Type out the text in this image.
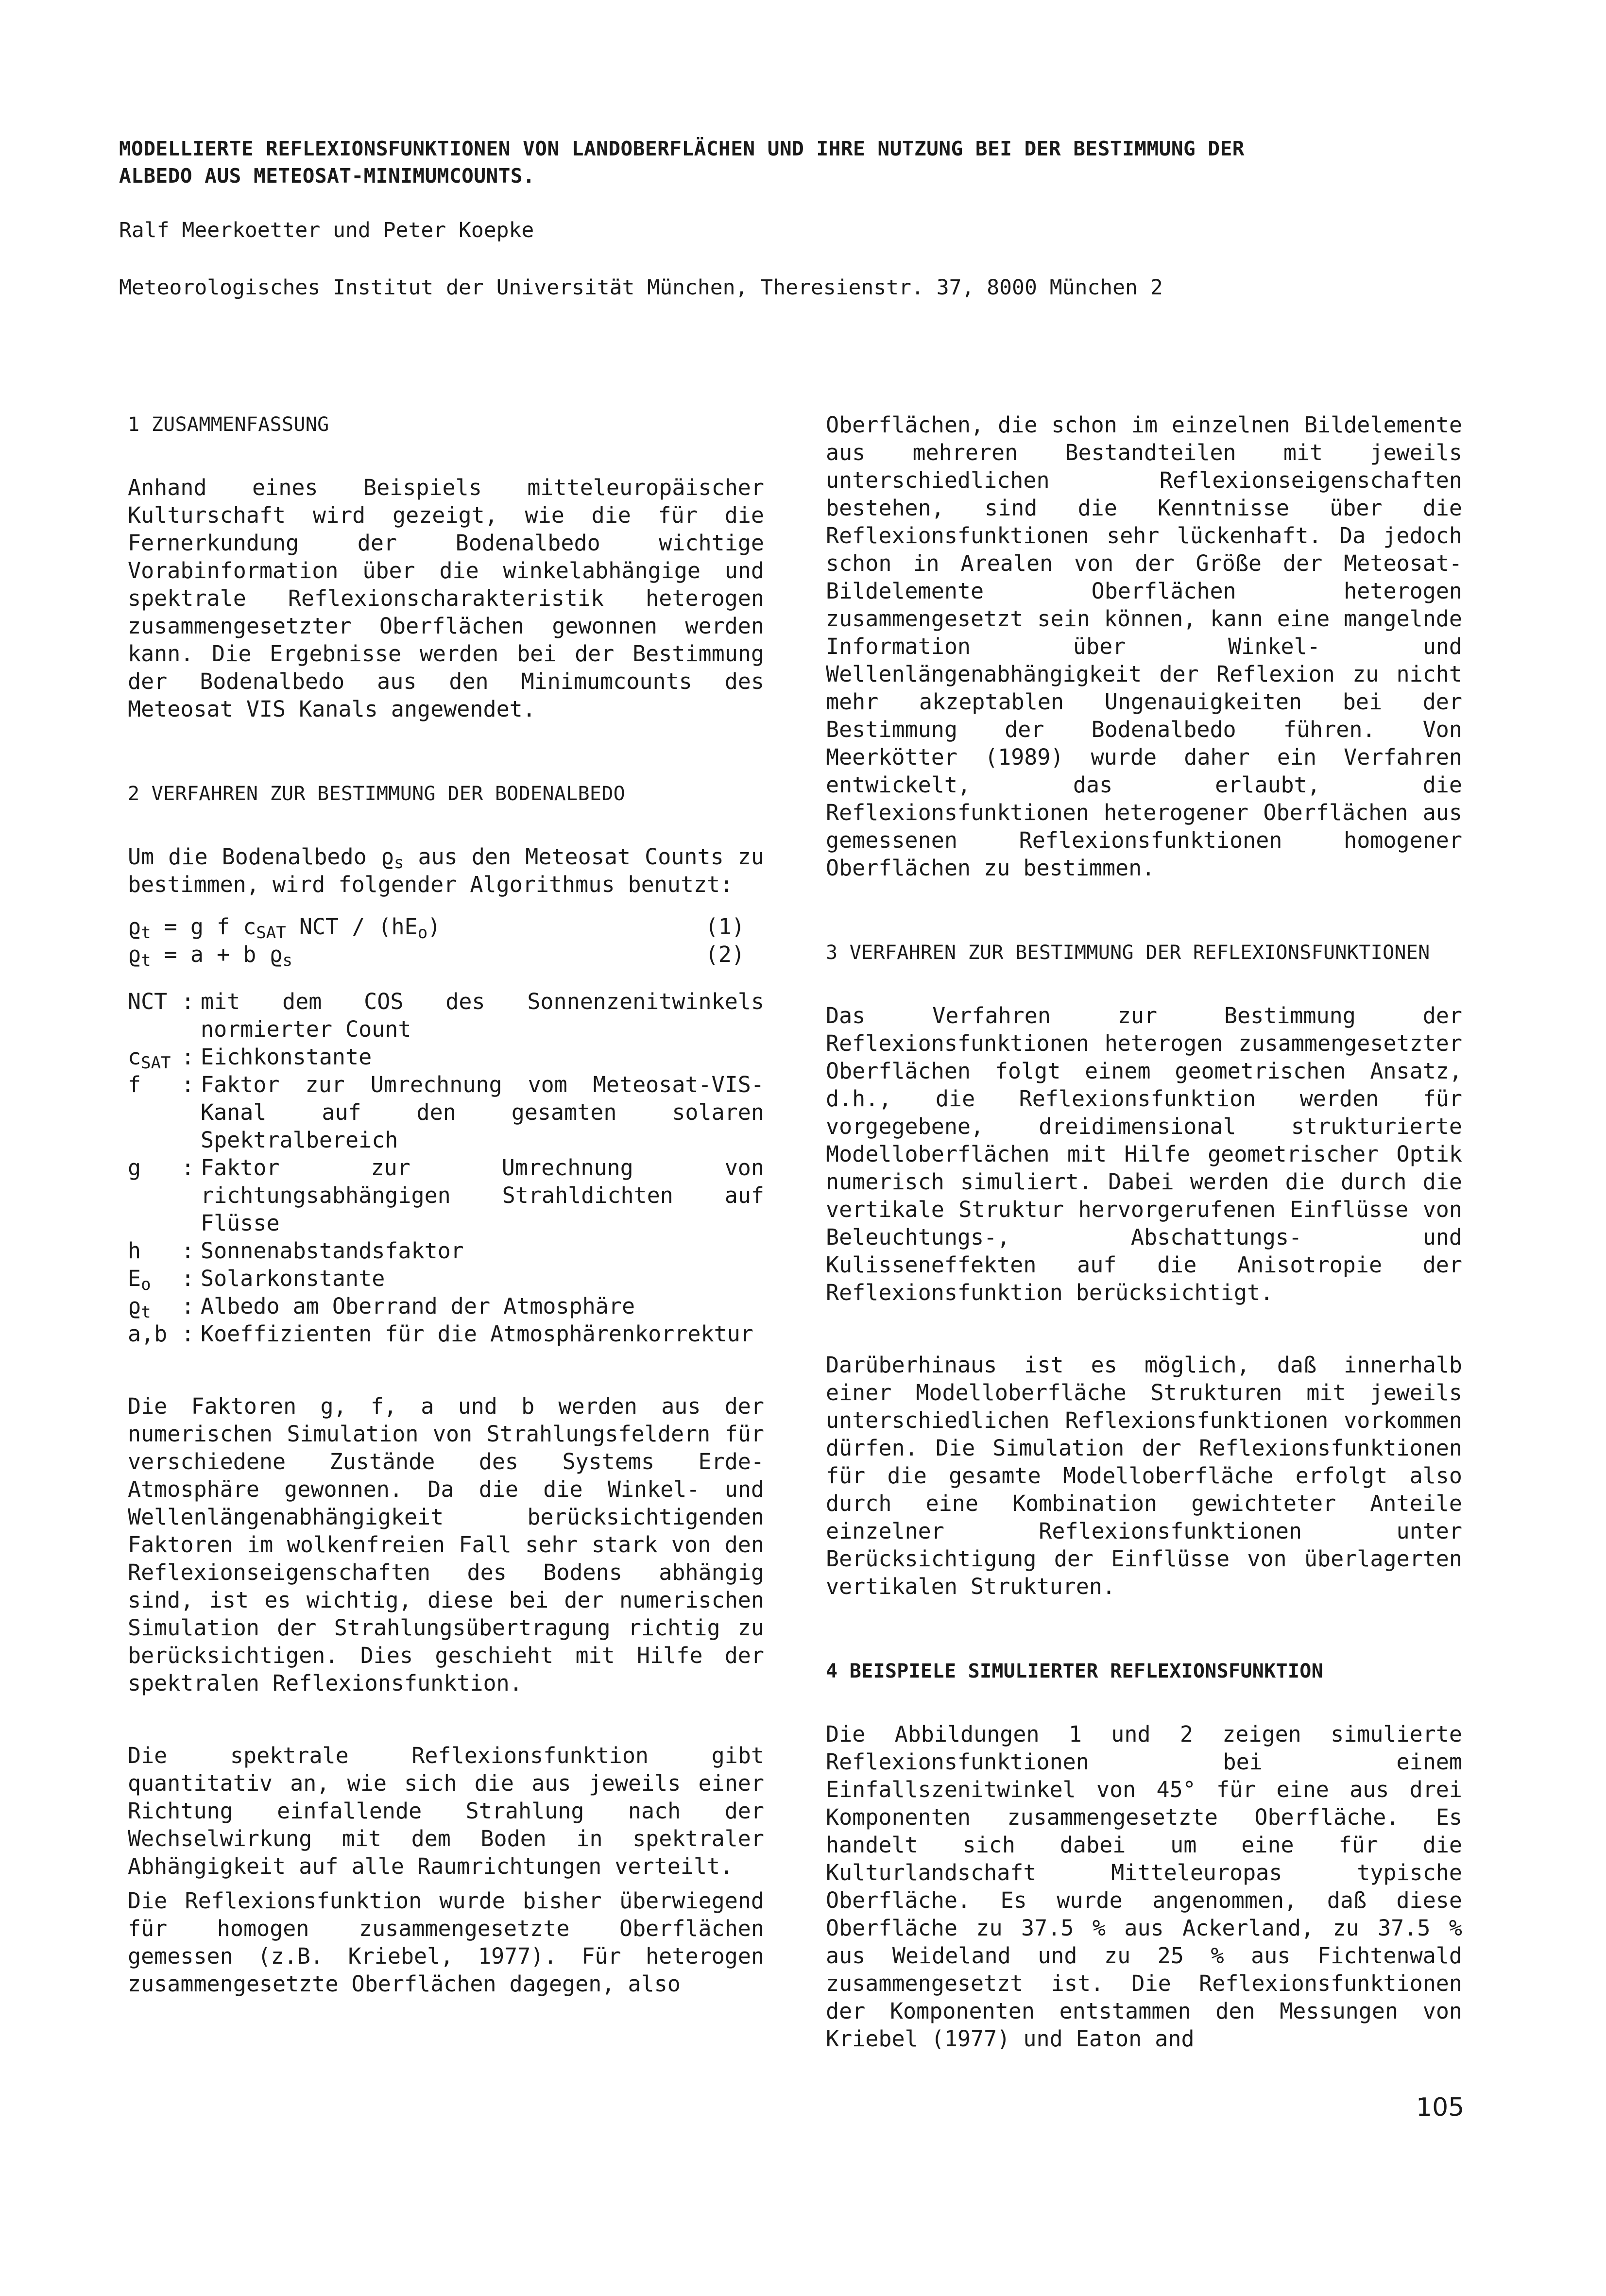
MODELLIERTE REFLEXIONSFUNKTIONEN VON LANDOBERFLÄCHEN UND IHRE NUTZUNG BEI DER BESTIMMUNG DER ALBEDO AUS METEOSAT-MINIMUMCOUNTS.
Ralf Meerkoetter und Peter Koepke
Meteorologisches Institut der Universität München, Theresienstr. 37, 8000 München 2

1 ZUSAMMENFASSUNG

Anhand eines Beispiels mitteleuropäischer Kulturschaft wird gezeigt, wie die für die Fernerkundung der Bodenalbedo wichtige Vorabinformation über die winkelabhängige und spektrale Reflexionscharakteristik heterogen zusammengesetzter Oberflächen gewonnen werden kann. Die Ergebnisse werden bei der Bestimmung der Bodenalbedo aus den Minimumcounts des Meteosat VIS Kanals angewendet.

2 VERFAHREN ZUR BESTIMMUNG DER BODENALBEDO

Um die Bodenalbedo $ϱ_s$ aus den Meteosat Counts zu bestimmen, wird folgender Algorithmus benutzt:

$ϱ_t = g$ f $c_{SAT}$ NCT / $(hE_o)$	(1)
$ϱ_t = a + b$ $ϱ_s$	(2)
NCT : mit dem COS des Sonnenzenitwinkels normierter Count
$c_{SAT}$ : Eichkonstante
f	: Faktor zur Umrechnung vom Meteosat-VIS-Kanal auf den gesamten solaren Spektralbereich
g	: Faktor zur Umrechnung von richtungsabhängigen Strahldichten auf Flüsse
h	: Sonnenabstandsfaktor
$E_o$	: Solarkonstante
$ϱ_t$	: Albedo am Oberrand der Atmosphäre
a,b : Koeffizienten für die Atmosphärenkorrektur

Die Faktoren g, f, a und b werden aus der numerischen Simulation von Strahlungsfeldern für verschiedene Zustände des Systems Erde-Atmosphäre gewonnen. Da die die Winkel- und Wellenlängenabhängigkeit berücksichtigenden Faktoren im wolkenfreien Fall sehr stark von den Reflexionseigenschaften des Bodens abhängig sind, ist es wichtig, diese bei der numerischen Simulation der Strahlungsübertragung richtig zu berücksichtigen. Dies geschieht mit Hilfe der spektralen Reflexionsfunktion.

Die spektrale Reflexionsfunktion gibt quantitativ an, wie sich die aus jeweils einer Richtung einfallende Strahlung nach der Wechselwirkung mit dem Boden in spektraler Abhängigkeit auf alle Raumrichtungen verteilt.

Die Reflexionsfunktion wurde bisher überwiegend für homogen zusammengesetzte Oberflächen gemessen (z.B. Kriebel, 1977). Für heterogen zusammengesetzte Oberflächen dagegen, also

Oberflächen, die schon im einzelnen Bildelemente aus mehreren Bestandteilen mit jeweils unterschiedlichen Reflexionseigenschaften bestehen, sind die Kenntnisse über die Reflexionsfunktionen sehr lückenhaft. Da jedoch schon in Arealen von der Größe der Meteosat-Bildelemente Oberflächen heterogen zusammengesetzt sein können, kann eine mangelnde Information über Winkel- und Wellenlängenabhängigkeit der Reflexion zu nicht mehr akzeptablen Ungenauigkeiten bei der Bestimmung der Bodenalbedo führen. Von Meerkötter (1989) wurde daher ein Verfahren entwickelt, das erlaubt, die Reflexionsfunktionen heterogener Oberflächen aus gemessenen Reflexionsfunktionen homogener Oberflächen zu bestimmen.

3 VERFAHREN ZUR BESTIMMUNG DER REFLEXIONSFUNKTIONEN

Das Verfahren zur Bestimmung der Reflexionsfunktionen heterogen zusammengesetzter Oberflächen folgt einem geometrischen Ansatz, d.h., die Reflexionsfunktion werden für vorgegebene, dreidimensional strukturierte Modelloberflächen mit Hilfe geometrischer Optik numerisch simuliert. Dabei werden die durch die vertikale Struktur hervorgerufenen Einflüsse von Beleuchtungs-, Abschattungs- und Kulisseneffekten auf die Anisotropie der Reflexionsfunktion berücksichtigt.

Darüberhinaus ist es möglich, daß innerhalb einer Modelloberfläche Strukturen mit jeweils unterschiedlichen Reflexionsfunktionen vorkommen dürfen. Die Simulation der Reflexionsfunktionen für die gesamte Modelloberfläche erfolgt also durch eine Kombination gewichteter Anteile einzelner Reflexionsfunktionen unter Berücksichtigung der Einflüsse von überlagerten vertikalen Strukturen.

4 BEISPIELE SIMULIERTER REFLEXIONSFUNKTION

Die Abbildungen 1 und 2 zeigen simulierte Reflexionsfunktionen bei einem Einfallszenitwinkel von 45° für eine aus drei Komponenten zusammengesetzte Oberfläche. Es handelt sich dabei um eine für die Kulturlandschaft Mitteleuropas typische Oberfläche. Es wurde angenommen, daß diese Oberfläche zu 37.5 % aus Ackerland, zu 37.5 % aus Weideland und zu 25 % aus Fichtenwald zusammengesetzt ist. Die Reflexionsfunktionen der Komponenten entstammen den Messungen von Kriebel (1977) und Eaton and

105
